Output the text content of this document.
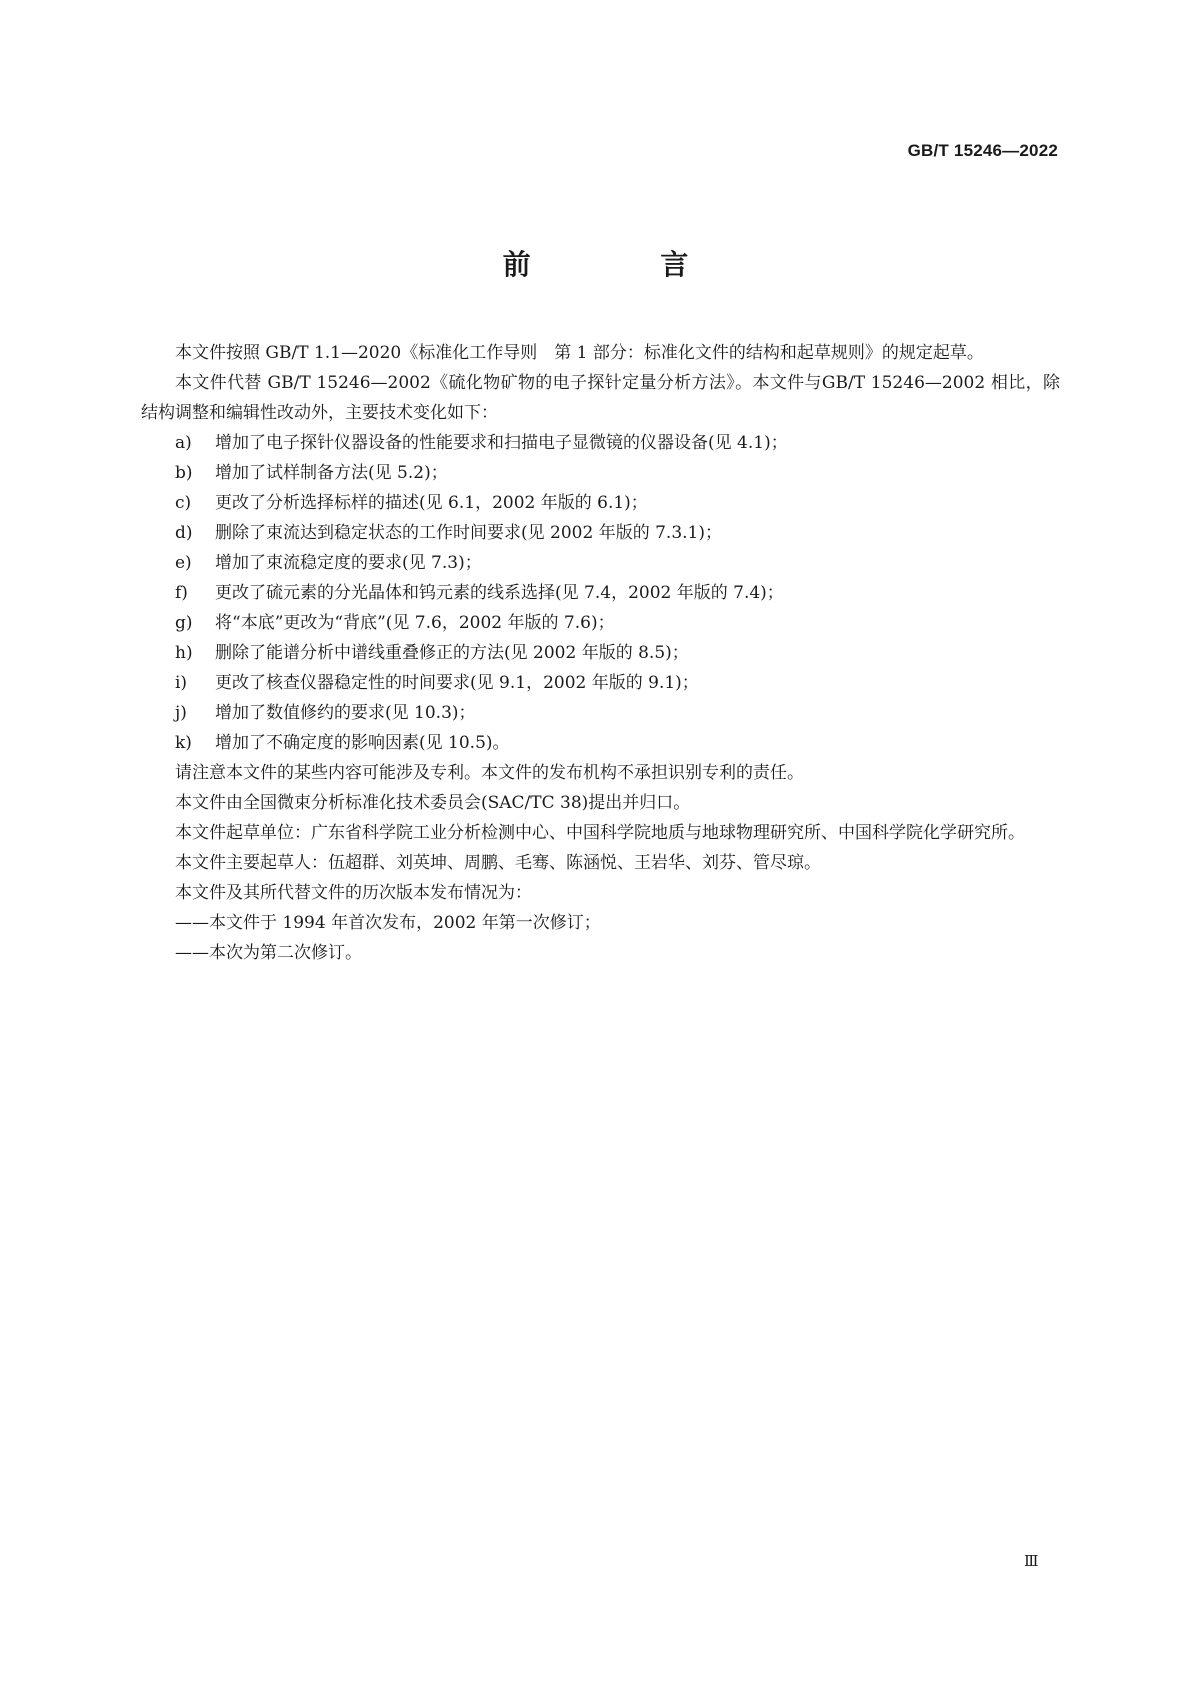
GB/T 15246—2022
前 言

本文件按照 GB/T 1.1—2020《标准化工作导则　第 1 部分：标准化文件的结构和起草规则》的规定起草。

本文件代替 GB/T 15246—2002《硫化物矿物的电子探针定量分析方法》。本文件与GB/T 15246—2002 相比，除结构调整和编辑性改动外，主要技术变化如下：

a) 增加了电子探针仪器设备的性能要求和扫描电子显微镜的仪器设备(见 4.1)；

b) 增加了试样制备方法(见 5.2)；

c) 更改了分析选择标样的描述(见 6.1，2002 年版的 6.1)；

d) 删除了束流达到稳定状态的工作时间要求(见 2002 年版的 7.3.1)；

e) 增加了束流稳定度的要求(见 7.3)；

f) 更改了硫元素的分光晶体和钨元素的线系选择(见 7.4，2002 年版的 7.4)；

g) 将“本底”更改为“背底”(见 7.6，2002 年版的 7.6)；

h) 删除了能谱分析中谱线重叠修正的方法(见 2002 年版的 8.5)；

i) 更改了核查仪器稳定性的时间要求(见 9.1，2002 年版的 9.1)；

j) 增加了数值修约的要求(见 10.3)；

k) 增加了不确定度的影响因素(见 10.5)。

请注意本文件的某些内容可能涉及专利。本文件的发布机构不承担识别专利的责任。

本文件由全国微束分析标准化技术委员会(SAC/TC 38)提出并归口。

本文件起草单位：广东省科学院工业分析检测中心、中国科学院地质与地球物理研究所、中国科学院化学研究所。

本文件主要起草人：伍超群、刘英坤、周鹏、毛骞、陈涵悦、王岩华、刘芬、管尽琼。

本文件及其所代替文件的历次版本发布情况为：

——本文件于 1994 年首次发布，2002 年第一次修订；

——本次为第二次修订。

Ⅲ
